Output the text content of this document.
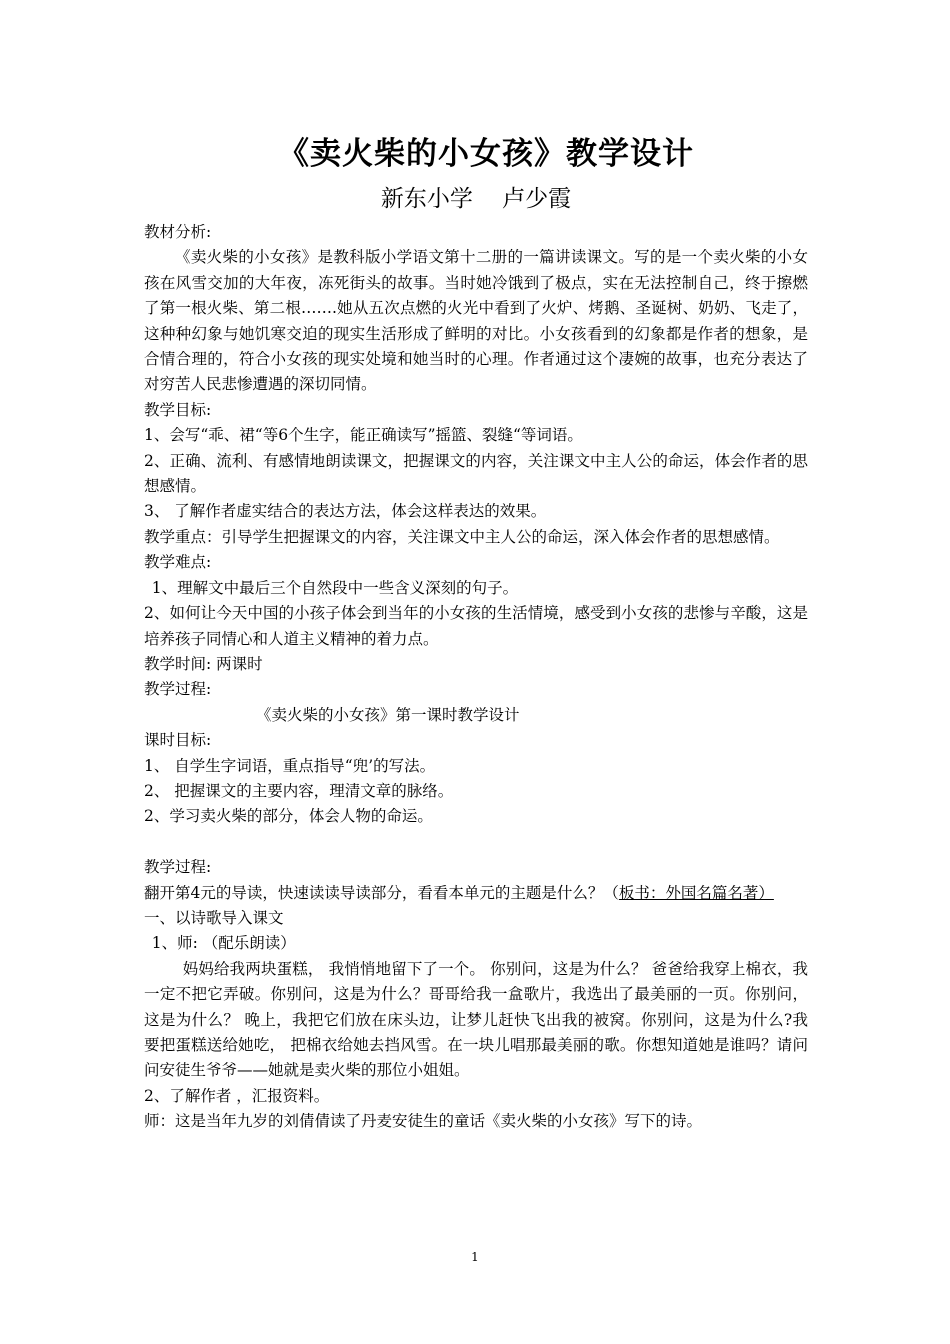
《卖火柴的小女孩》教学设计

新东小学    卢少霞

教材分析:

《卖火柴的小女孩》是教科版小学语文第十二册的一篇讲读课文。写的是一个卖火柴的小女孩在风雪交加的大年夜，冻死街头的故事。当时她冷饿到了极点，实在无法控制自己，终于擦燃了第一根火柴、第二根…….她从五次点燃的火光中看到了火炉、烤鹅、圣诞树、奶奶、飞走了，这种种幻象与她饥寒交迫的现实生活形成了鲜明的对比。小女孩看到的幻象都是作者的想象，是合情合理的，符合小女孩的现实处境和她当时的心理。作者通过这个凄婉的故事，也充分表达了对穷苦人民悲惨遭遇的深切同情。

教学目标:

1、会写“乖、裙“等6个生字，能正确读写”摇篮、裂缝“等词语。

2、正确、流利、有感情地朗读课文，把握课文的内容，关注课文中主人公的命运，体会作者的思想感情。

3、 了解作者虚实结合的表达方法，体会这样表达的效果。

教学重点：引导学生把握课文的内容，关注课文中主人公的命运，深入体会作者的思想感情。

教学难点:

1、理解文中最后三个自然段中一些含义深刻的句子。

2、如何让今天中国的小孩子体会到当年的小女孩的生活情境，感受到小女孩的悲惨与辛酸，这是培养孩子同情心和人道主义精神的着力点。

教学时间: 两课时

教学过程:

《卖火柴的小女孩》第一课时教学设计

课时目标:

1、 自学生字词语，重点指导“兜’的写法。

2、 把握课文的主要内容，理清文章的脉络。

2、学习卖火柴的部分，体会人物的命运。

教学过程:

翻开第4元的导读，快速读读导读部分，看看本单元的主题是什么？（板书：外国名篇名著）

一、以诗歌导入课文

1、师: （配乐朗读）

妈妈给我两块蛋糕， 我悄悄地留下了一个。 你别问，这是为什么？ 爸爸给我穿上棉衣，我一定不把它弄破。你别问，这是为什么？哥哥给我一盒歌片，我选出了最美丽的一页。你别问，这是为什么？ 晚上，我把它们放在床头边，让梦儿赶快飞出我的被窝。你别问，这是为什么?我要把蛋糕送给她吃， 把棉衣给她去挡风雪。在一块儿唱那最美丽的歌。你想知道她是谁吗？请问问安徒生爷爷——她就是卖火柴的那位小姐姐。

2、了解作者 ，汇报资料。

师：这是当年九岁的刘倩倩读了丹麦安徒生的童话《卖火柴的小女孩》写下的诗。

1
